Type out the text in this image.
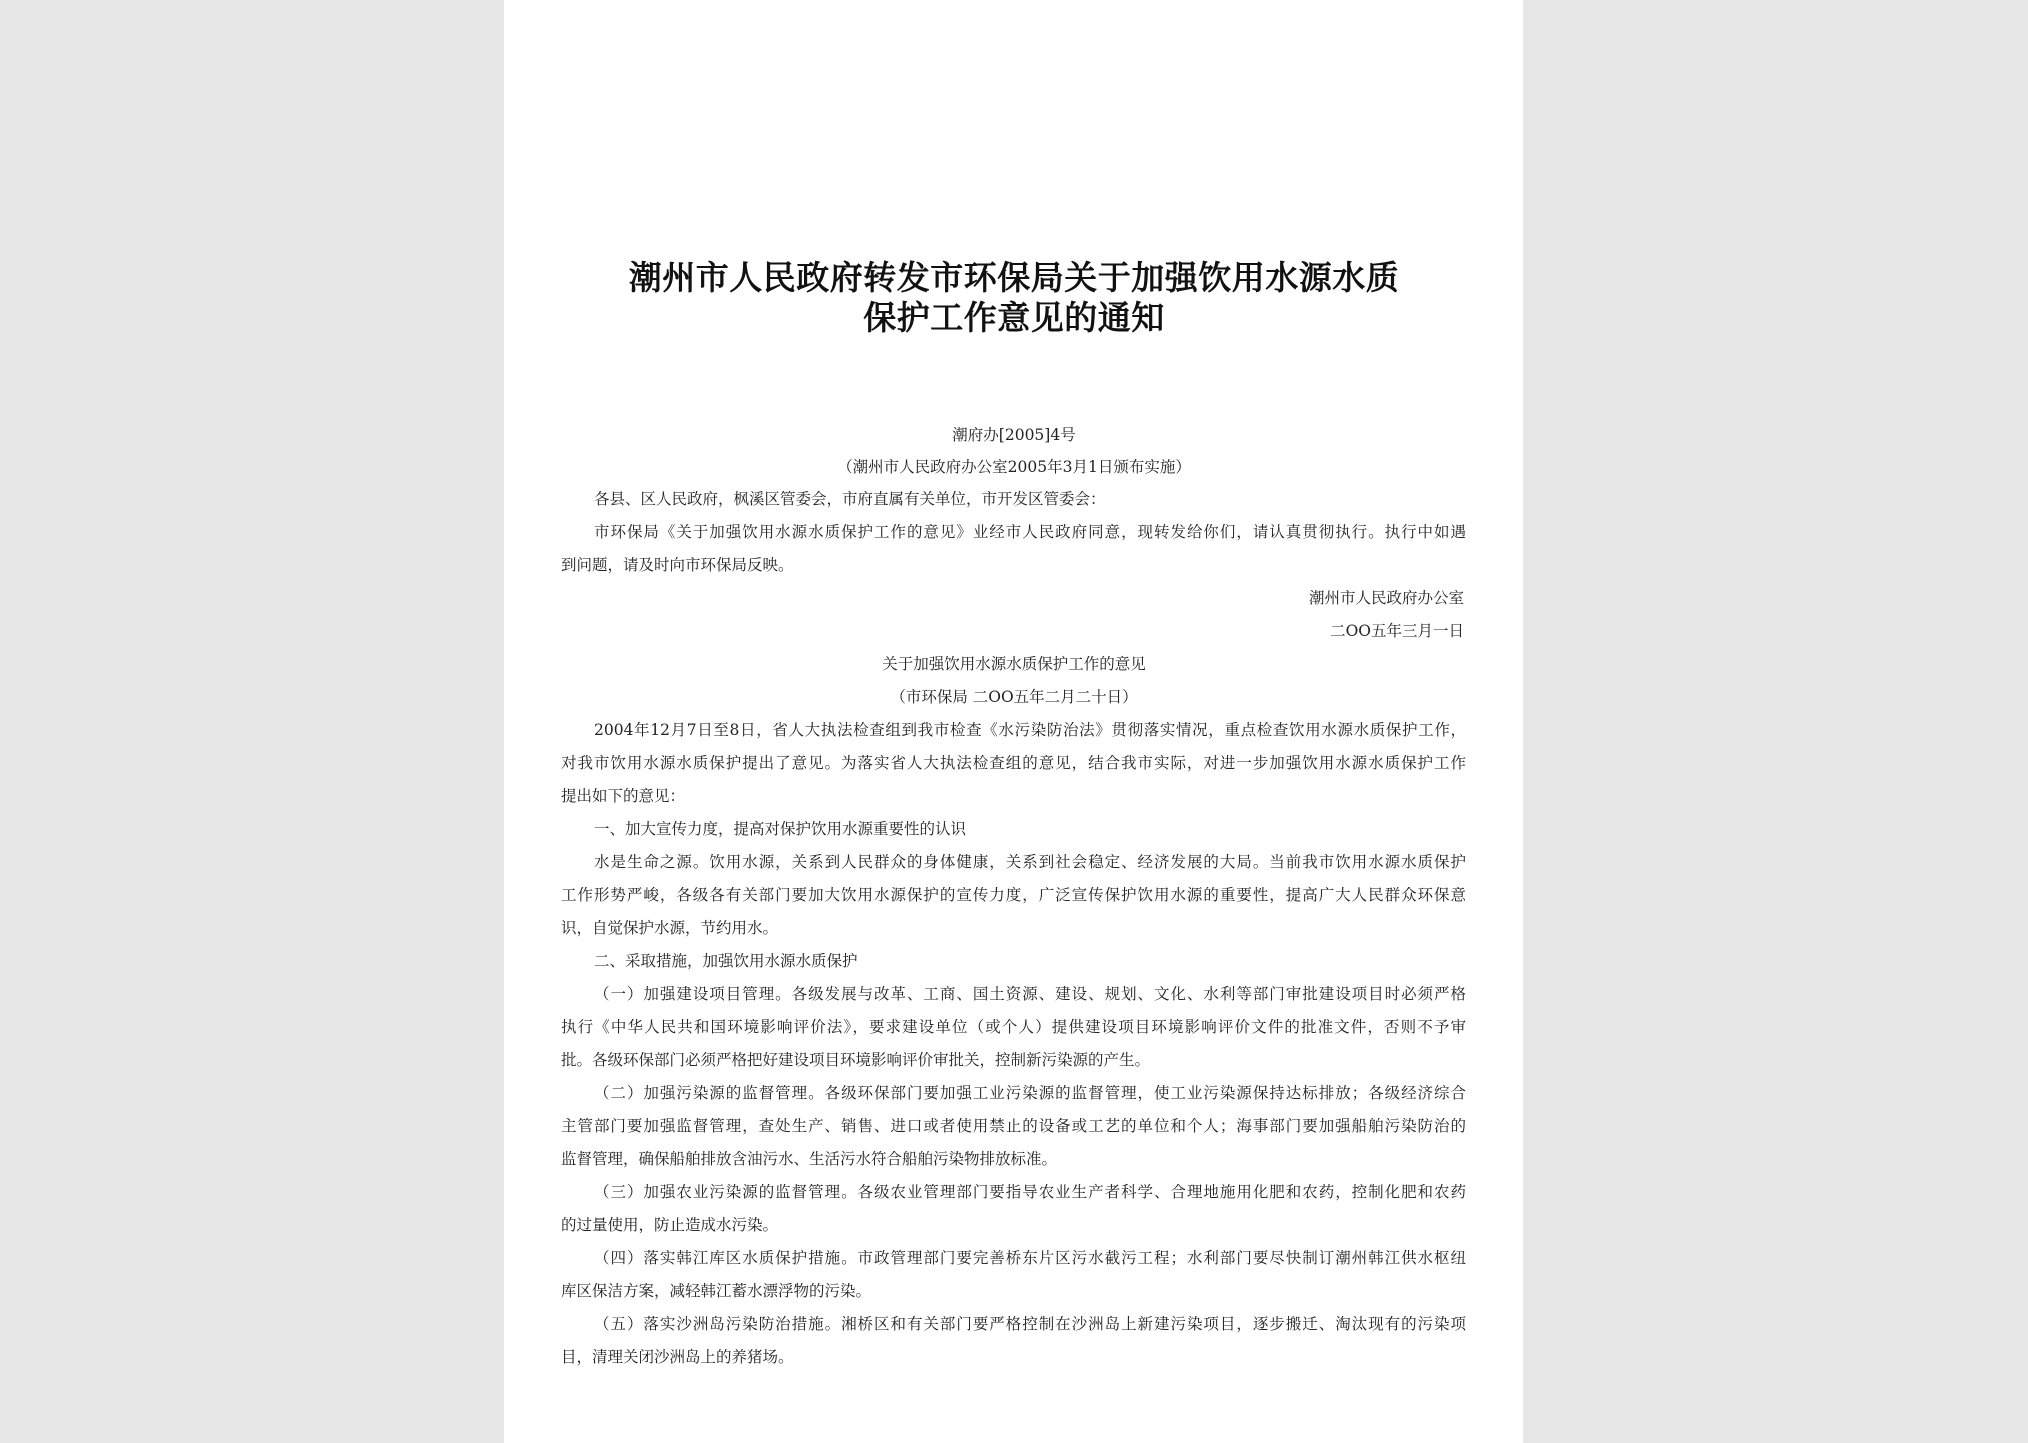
潮州市人民政府转发市环保局关于加强饮用水源水质
保护工作意见的通知
潮府办[2005]4号
（潮州市人民政府办公室2005年3月1日颁布实施）
各县、区人民政府，枫溪区管委会，市府直属有关单位，市开发区管委会：
市环保局《关于加强饮用水源水质保护工作的意见》业经市人民政府同意，现转发给你们，请认真贯彻执行。执行中如遇
到问题，请及时向市环保局反映。
潮州市人民政府办公室
二OO五年三月一日
关于加强饮用水源水质保护工作的意见
（市环保局 二OO五年二月二十日）
2004年12月7日至8日，省人大执法检查组到我市检查《水污染防治法》贯彻落实情况，重点检查饮用水源水质保护工作，
对我市饮用水源水质保护提出了意见。为落实省人大执法检查组的意见，结合我市实际，对进一步加强饮用水源水质保护工作
提出如下的意见：
一、加大宣传力度，提高对保护饮用水源重要性的认识
水是生命之源。饮用水源，关系到人民群众的身体健康，关系到社会稳定、经济发展的大局。当前我市饮用水源水质保护
工作形势严峻，各级各有关部门要加大饮用水源保护的宣传力度，广泛宣传保护饮用水源的重要性，提高广大人民群众环保意
识，自觉保护水源，节约用水。
二、采取措施，加强饮用水源水质保护
（一）加强建设项目管理。各级发展与改革、工商、国土资源、建设、规划、文化、水利等部门审批建设项目时必须严格
执行《中华人民共和国环境影响评价法》，要求建设单位（或个人）提供建设项目环境影响评价文件的批准文件，否则不予审
批。各级环保部门必须严格把好建设项目环境影响评价审批关，控制新污染源的产生。
（二）加强污染源的监督管理。各级环保部门要加强工业污染源的监督管理，使工业污染源保持达标排放；各级经济综合
主管部门要加强监督管理，查处生产、销售、进口或者使用禁止的设备或工艺的单位和个人；海事部门要加强船舶污染防治的
监督管理，确保船舶排放含油污水、生活污水符合船舶污染物排放标准。
（三）加强农业污染源的监督管理。各级农业管理部门要指导农业生产者科学、合理地施用化肥和农药，控制化肥和农药
的过量使用，防止造成水污染。
（四）落实韩江库区水质保护措施。市政管理部门要完善桥东片区污水截污工程；水利部门要尽快制订潮州韩江供水枢纽
库区保洁方案，减轻韩江蓄水漂浮物的污染。
（五）落实沙洲岛污染防治措施。湘桥区和有关部门要严格控制在沙洲岛上新建污染项目，逐步搬迁、淘汰现有的污染项
目，清理关闭沙洲岛上的养猪场。
